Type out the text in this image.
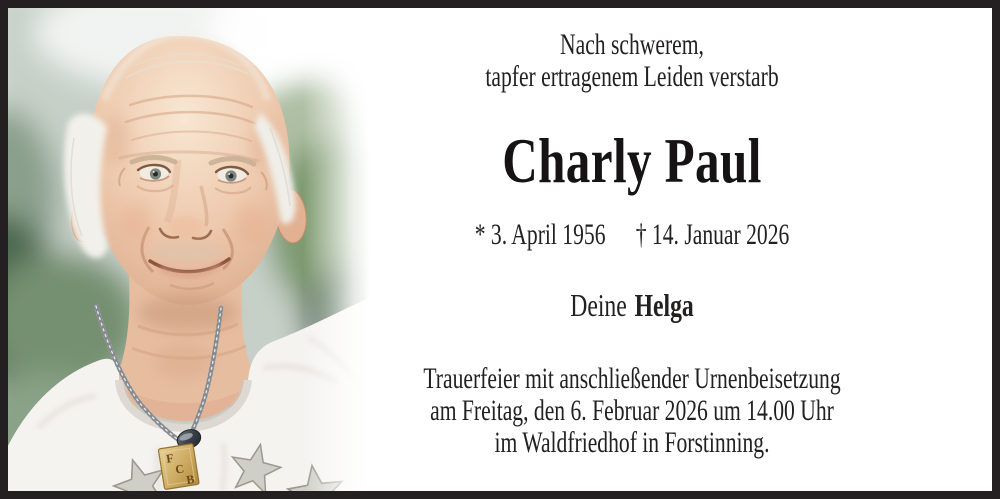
F
C
B
Nach schwerem,
tapfer ertragenem Leiden verstarb
Charly Paul
* 3. April 1956 † 14. Januar 2026
Deine Helga
Trauerfeier mit anschließender Urnenbeisetzung
am Freitag, den 6. Februar 2026 um 14.00 Uhr
im Waldfriedhof in Forstinning.
